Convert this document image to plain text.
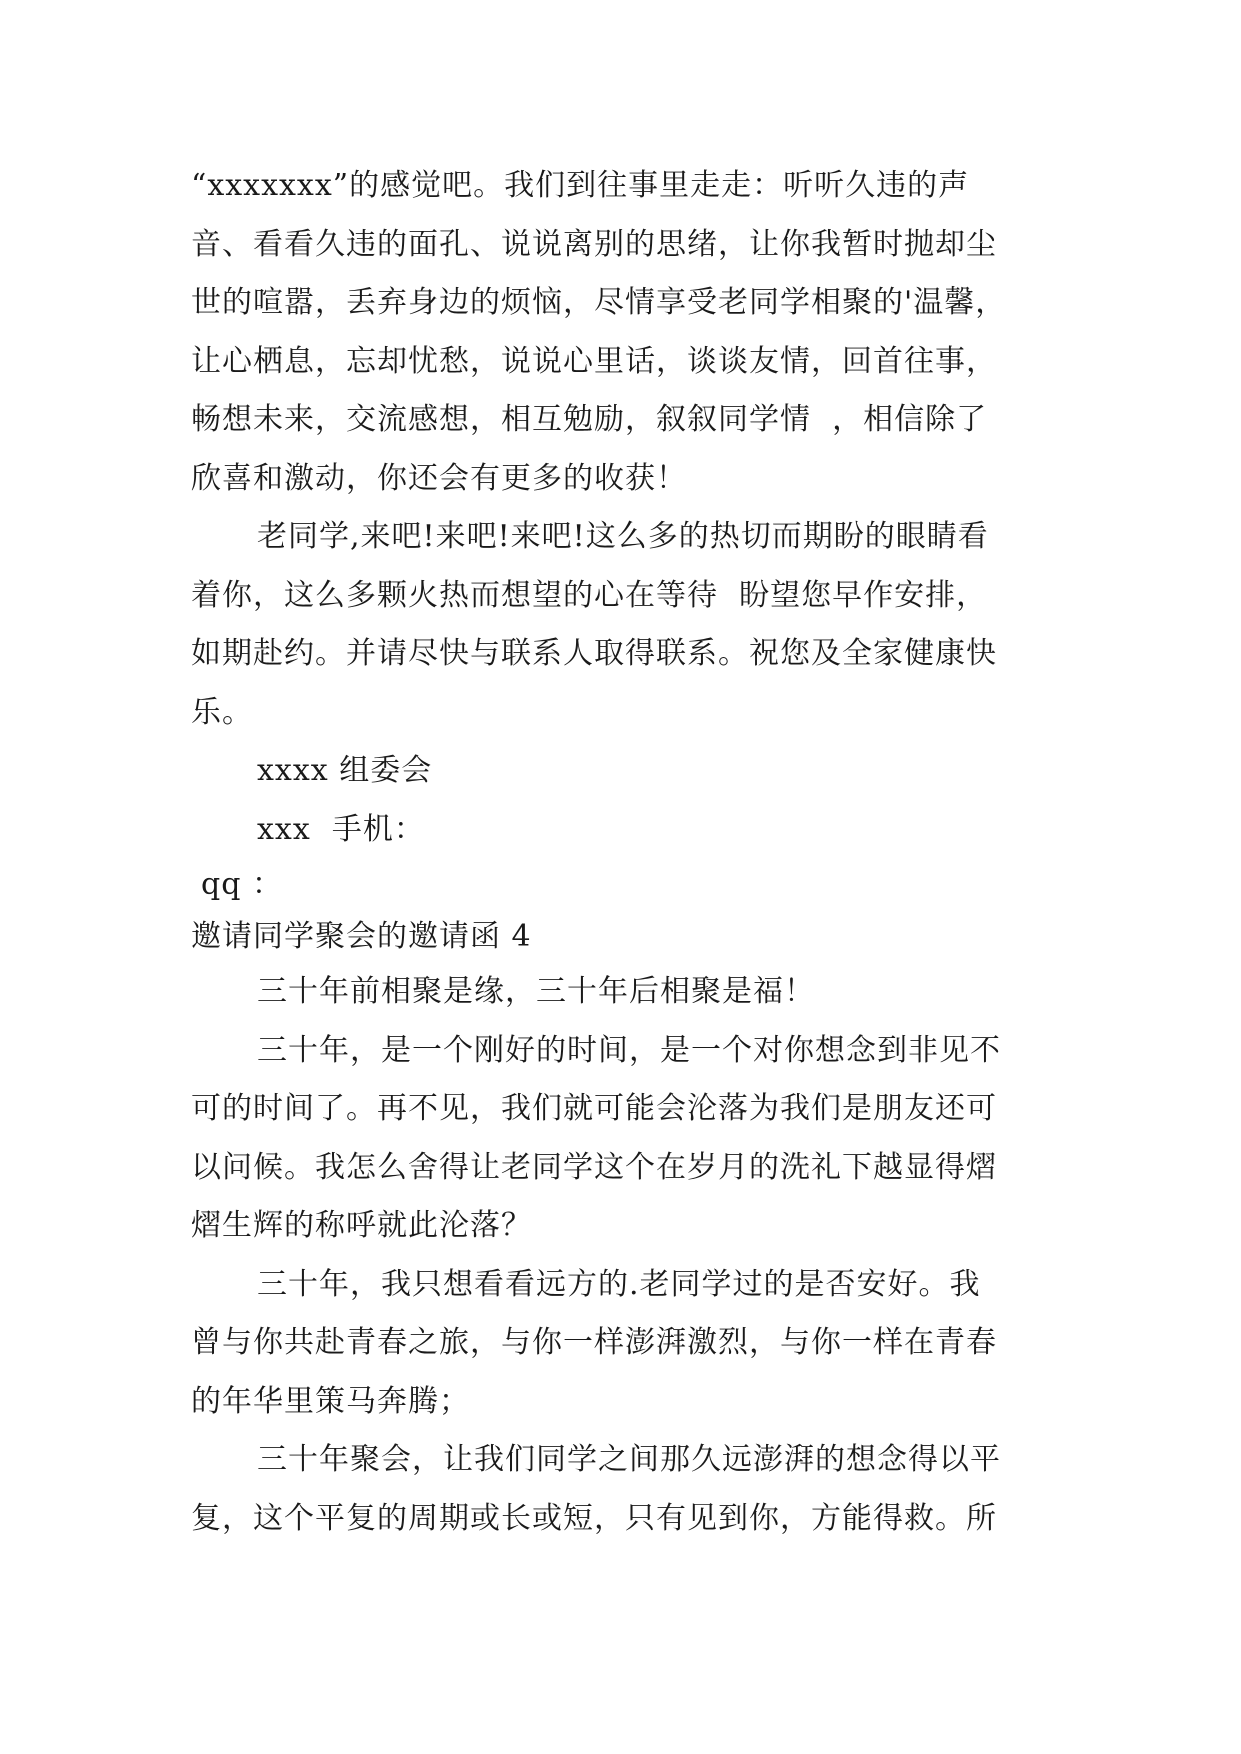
“xxxxxxx”的感觉吧。我们到往事里走走：听听久违的声
音、看看久违的面孔、说说离别的思绪，让你我暂时抛却尘
世的喧嚣，丢弃身边的烦恼，尽情享受老同学相聚的'温馨，
让心栖息，忘却忧愁，说说心里话，谈谈友情，回首往事，
畅想未来，交流感想，相互勉励，叙叙同学情  ，相信除了
欣喜和激动，你还会有更多的收获！
老同学,来吧!来吧!来吧!这么多的热切而期盼的眼睛看
着你，这么多颗火热而想望的心在等待  盼望您早作安排，
如期赴约。并请尽快与联系人取得联系。祝您及全家健康快
乐。
xxxx 组委会
xxx  手机：
qq ：
邀请同学聚会的邀请函 4
三十年前相聚是缘，三十年后相聚是福！
三十年，是一个刚好的时间，是一个对你想念到非见不
可的时间了。再不见，我们就可能会沦落为我们是朋友还可
以问候。我怎么舍得让老同学这个在岁月的洗礼下越显得熠
熠生辉的称呼就此沦落？
三十年，我只想看看远方的.老同学过的是否安好。我
曾与你共赴青春之旅，与你一样澎湃激烈，与你一样在青春
的年华里策马奔腾；
三十年聚会，让我们同学之间那久远澎湃的想念得以平
复，这个平复的周期或长或短，只有见到你，方能得救。所
